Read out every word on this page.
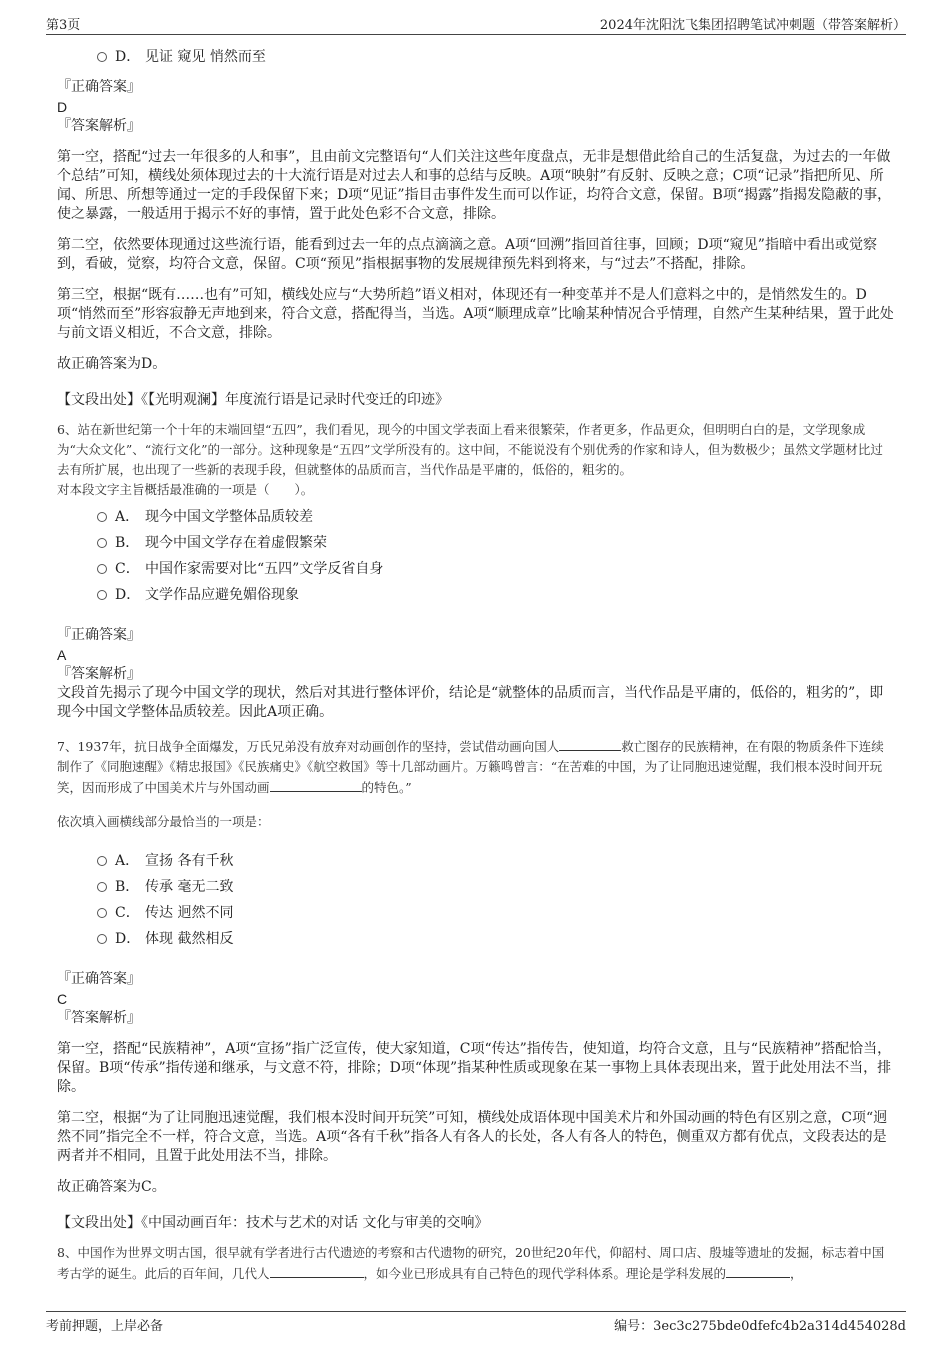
第3页	2024年沈阳沈飞集团招聘笔试冲刺题（带答案解析）
D． 见证 窥见 悄然而至
『正确答案』
D
『答案解析』

第一空，搭配“过去一年很多的人和事”，且由前文完整语句“人们关注这些年度盘点，无非是想借此给自己的生活复盘，为过去的一年做个总结”可知，横线处须体现过去的十大流行语是对过去人和事的总结与反映。A项“映射”有反射、反映之意；C项“记录”指把所见、所闻、所思、所想等通过一定的手段保留下来；D项“见证”指目击事件发生而可以作证，均符合文意，保留。B项“揭露”指揭发隐蔽的事，使之暴露，一般适用于揭示不好的事情，置于此处色彩不合文意，排除。

第二空，依然要体现通过这些流行语，能看到过去一年的点点滴滴之意。A项“回溯”指回首往事，回顾；D项“窥见”指暗中看出或觉察到，看破，觉察，均符合文意，保留。C项“预见”指根据事物的发展规律预先料到将来，与“过去”不搭配，排除。

第三空，根据“既有……也有”可知，横线处应与“大势所趋”语义相对，体现还有一种变革并不是人们意料之中的，是悄然发生的。D项“悄然而至”形容寂静无声地到来，符合文意，搭配得当，当选。A项“顺理成章”比喻某种情况合乎情理，自然产生某种结果，置于此处与前文语义相近，不合文意，排除。

故正确答案为D。

【文段出处】《【光明观澜】年度流行语是记录时代变迁的印迹》

6、站在新世纪第一个十年的末端回望“五四”，我们看见，现今的中国文学表面上看来很繁荣，作者更多，作品更众，但明明白白的是，文学现象成为“大众文化”、“流行文化”的一部分。这种现象是“五四”文学所没有的。这中间，不能说没有个别优秀的作家和诗人，但为数极少；虽然文学题材比过去有所扩展，也出现了一些新的表现手段，但就整体的品质而言，当代作品是平庸的，低俗的，粗劣的。

对本段文字主旨概括最准确的一项是（　　）。

A． 现今中国文学整体品质较差
B． 现今中国文学存在着虚假繁荣
C． 中国作家需要对比“五四”文学反省自身
D． 文学作品应避免媚俗现象
『正确答案』
A
『答案解析』

文段首先揭示了现今中国文学的现状，然后对其进行整体评价，结论是“就整体的品质而言，当代作品是平庸的，低俗的，粗劣的”，即现今中国文学整体品质较差。因此A项正确。

7、1937年，抗日战争全面爆发，万氏兄弟没有放弃对动画创作的坚持，尝试借动画向国人	救亡图存的民族精神，在有限的物质条件下连续制作了《同胞速醒》《精忠报国》《民族痛史》《航空救国》等十几部动画片。万籁鸣曾言：“在苦难的中国，为了让同胞迅速觉醒，我们根本没时间开玩笑，因而形成了中国美术片与外国动画	的特色。”

依次填入画横线部分最恰当的一项是：

A． 宣扬 各有千秋
B． 传承 毫无二致
C． 传达 迥然不同
D． 体现 截然相反
『正确答案』
C
『答案解析』

第一空，搭配“民族精神”，A项“宣扬”指广泛宣传，使大家知道，C项“传达”指传告，使知道，均符合文意，且与“民族精神”搭配恰当，保留。B项“传承”指传递和继承，与文意不符，排除；D项“体现”指某种性质或现象在某一事物上具体表现出来，置于此处用法不当，排除。

第二空，根据“为了让同胞迅速觉醒，我们根本没时间开玩笑”可知，横线处成语体现中国美术片和外国动画的特色有区别之意，C项“迥然不同”指完全不一样，符合文意，当选。A项“各有千秋”指各人有各人的长处，各人有各人的特色，侧重双方都有优点，文段表达的是两者并不相同，且置于此处用法不当，排除。

故正确答案为C。

【文段出处】《中国动画百年：技术与艺术的对话 文化与审美的交响》

8、中国作为世界文明古国，很早就有学者进行古代遗迹的考察和古代遗物的研究，20世纪20年代，仰韶村、周口店、殷墟等遗址的发掘，标志着中国考古学的诞生。此后的百年间，几代人	，如今业已形成具有自己特色的现代学科体系。理论是学科发展的	，

考前押题，上岸必备	编号：3ec3c275bde0dfefc4b2a314d454028d
